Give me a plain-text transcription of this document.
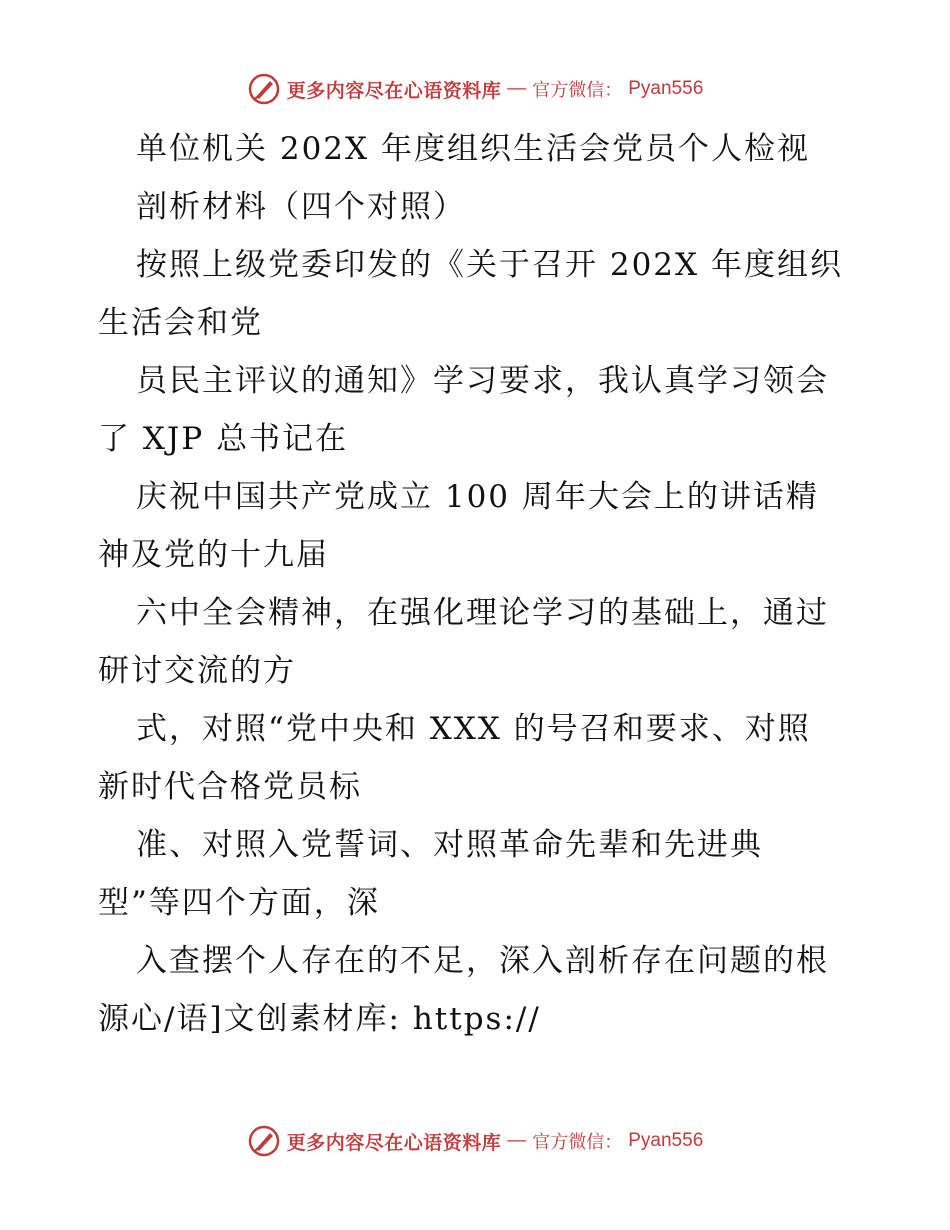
更多内容尽在心语资料库 — 官方微信： Pyan556
单位机关 202X 年度组织生活会党员个人检视
剖析材料（四个对照）
按照上级党委印发的《关于召开 202X 年度组织
生活会和党
员民主评议的通知》学习要求，我认真学习领会
了 XJP 总书记在
庆祝中国共产党成立 100 周年大会上的讲话精
神及党的十九届
六中全会精神，在强化理论学习的基础上，通过
研讨交流的方
式，对照“党中央和 XXX 的号召和要求、对照
新时代合格党员标
准、对照入党誓词、对照革命先辈和先进典
型”等四个方面，深
入查摆个人存在的不足，深入剖析存在问题的根
源心/语]文创素材库: https://
更多内容尽在心语资料库 — 官方微信： Pyan556
